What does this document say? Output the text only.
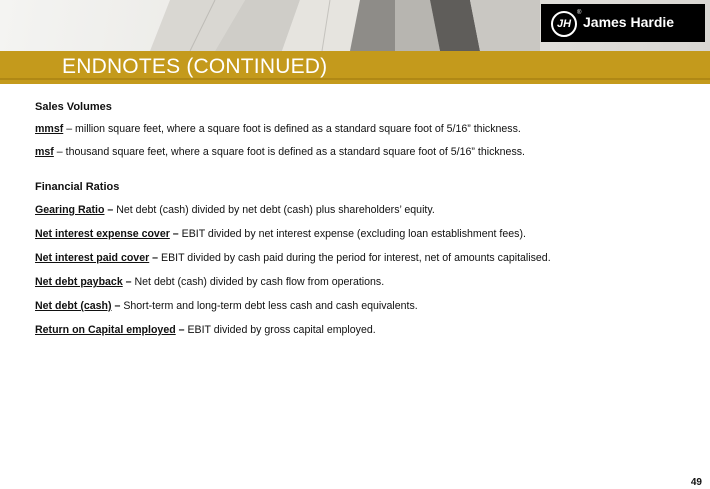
ENDNOTES (CONTINUED)
JH
®
James Hardie

Sales Volumes

mmsf – million square feet, where a square foot is defined as a standard square foot of 5/16” thickness.

msf – thousand square feet, where a square foot is defined as a standard square foot of 5/16” thickness.

Financial Ratios

Gearing Ratio – Net debt (cash) divided by net debt (cash) plus shareholders’ equity.

Net interest expense cover – EBIT divided by net interest expense (excluding loan establishment fees).

Net interest paid cover – EBIT divided by cash paid during the period for interest, net of amounts capitalised.

Net debt payback – Net debt (cash) divided by cash flow from operations.

Net debt (cash) – Short-term and long-term debt less cash and cash equivalents.

Return on Capital employed – EBIT divided by gross capital employed.

49
